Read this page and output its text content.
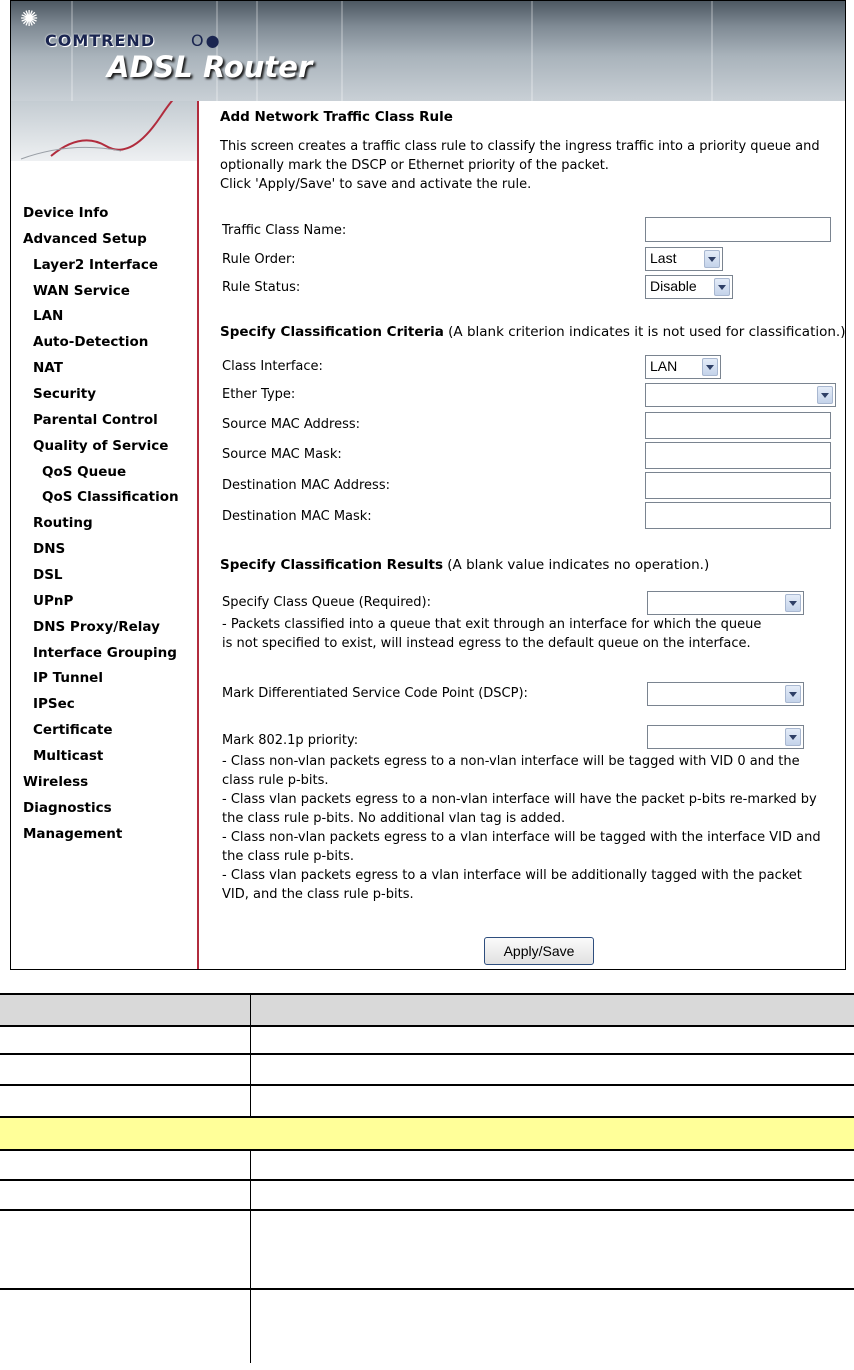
✺
COMTREND O●
ADSL Router
Device Info
Advanced Setup
Layer2 Interface
WAN Service
LAN
Auto-Detection
NAT
Security
Parental Control
Quality of Service
QoS Queue
QoS Classification
Routing
DNS
DSL
UPnP
DNS Proxy/Relay
Interface Grouping
IP Tunnel
IPSec
Certificate
Multicast
Wireless
Diagnostics
Management
Add Network Traffic Class Rule
This screen creates a traffic class rule to classify the ingress traffic into a priority queue and
optionally mark the DSCP or Ethernet priority of the packet.
Click 'Apply/Save' to save and activate the rule.
Traffic Class Name:
Rule Order:	Last
Rule Status:	Disable
Specify Classification Criteria (A blank criterion indicates it is not used for classification.)
Class Interface:	LAN
Ether Type:
Source MAC Address:
Source MAC Mask:
Destination MAC Address:
Destination MAC Mask:
Specify Classification Results (A blank value indicates no operation.)
Specify Class Queue (Required):
- Packets classified into a queue that exit through an interface for which the queue
is not specified to exist, will instead egress to the default queue on the interface.
Mark Differentiated Service Code Point (DSCP):
Mark 802.1p priority:
- Class non-vlan packets egress to a non-vlan interface will be tagged with VID 0 and the
class rule p-bits.
- Class vlan packets egress to a non-vlan interface will have the packet p-bits re-marked by
the class rule p-bits. No additional vlan tag is added.
- Class non-vlan packets egress to a vlan interface will be tagged with the interface VID and
the class rule p-bits.
- Class vlan packets egress to a vlan interface will be additionally tagged with the packet
VID, and the class rule p-bits.
Apply/Save
